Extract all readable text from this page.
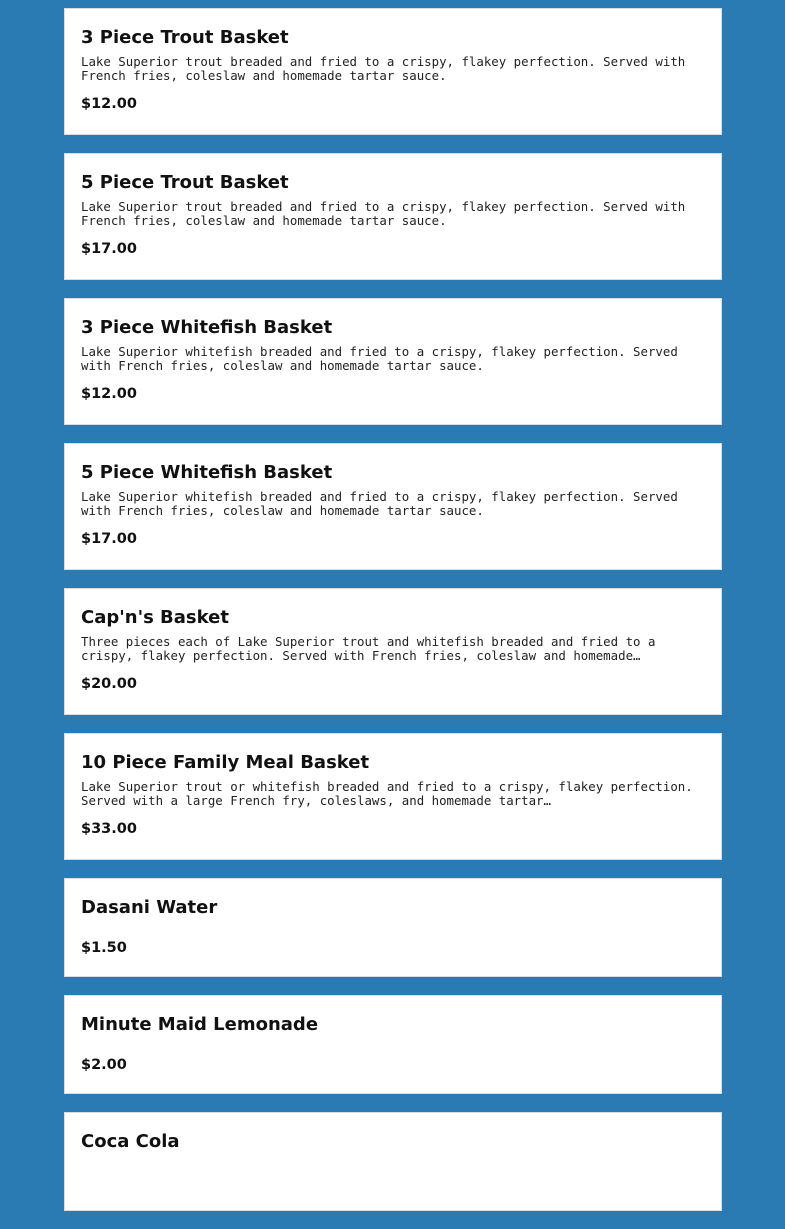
3 Piece Trout Basket
Lake Superior trout breaded and fried to a crispy, flakey perfection. Served with French fries, coleslaw and homemade tartar sauce.
$12.00
5 Piece Trout Basket
Lake Superior trout breaded and fried to a crispy, flakey perfection. Served with French fries, coleslaw and homemade tartar sauce.
$17.00
3 Piece Whitefish Basket
Lake Superior whitefish breaded and fried to a crispy, flakey perfection. Served with French fries, coleslaw and homemade tartar sauce.
$12.00
5 Piece Whitefish Basket
Lake Superior whitefish breaded and fried to a crispy, flakey perfection. Served with French fries, coleslaw and homemade tartar sauce.
$17.00
Cap'n's Basket
Three pieces each of Lake Superior trout and whitefish breaded and fried to a crispy, flakey perfection. Served with French fries, coleslaw and homemade…
$20.00
10 Piece Family Meal Basket
Lake Superior trout or whitefish breaded and fried to a crispy, flakey perfection. Served with a large French fry, coleslaws, and homemade tartar…
$33.00
Dasani Water
$1.50
Minute Maid Lemonade
$2.00
Coca Cola
